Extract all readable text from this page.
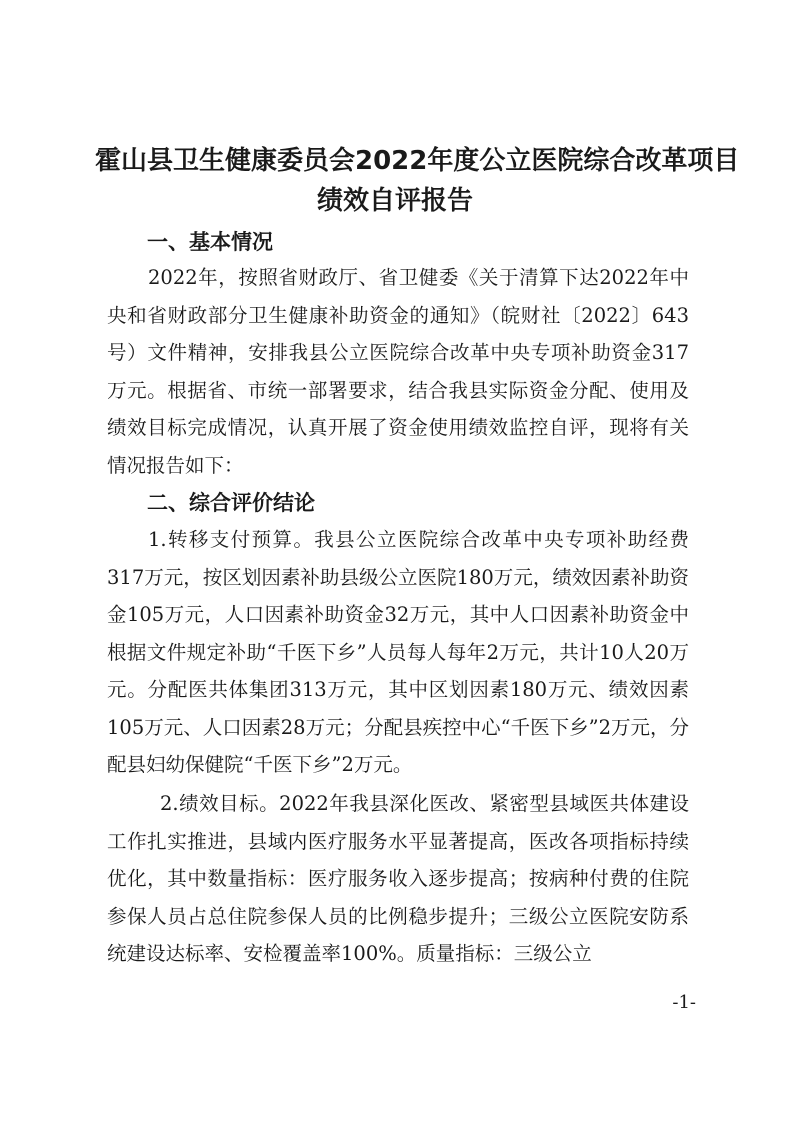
霍山县卫生健康委员会2022年度公立医院综合改革项目
绩效自评报告
一、基本情况

2022年，按照省财政厅、省卫健委《关于清算下达2022年中央和省财政部分卫生健康补助资金的通知》（皖财社〔2022〕643号）文件精神，安排我县公立医院综合改革中央专项补助资金317万元。根据省、市统一部署要求，结合我县实际资金分配、使用及绩效目标完成情况，认真开展了资金使用绩效监控自评，现将有关情况报告如下：

二、综合评价结论

1.转移支付预算。我县公立医院综合改革中央专项补助经费317万元，按区划因素补助县级公立医院180万元，绩效因素补助资金105万元，人口因素补助资金32万元，其中人口因素补助资金中根据文件规定补助“千医下乡”人员每人每年2万元，共计10人20万元。分配医共体集团313万元，其中区划因素180万元、绩效因素105万元、人口因素28万元；分配县疾控中心“千医下乡”2万元，分配县妇幼保健院“千医下乡”2万元。

2.绩效目标。2022年我县深化医改、紧密型县域医共体建设工作扎实推进，县域内医疗服务水平显著提高，医改各项指标持续优化，其中数量指标：医疗服务收入逐步提高；按病种付费的住院参保人员占总住院参保人员的比例稳步提升；三级公立医院安防系统建设达标率、安检覆盖率100%。质量指标：三级公立

-1-
